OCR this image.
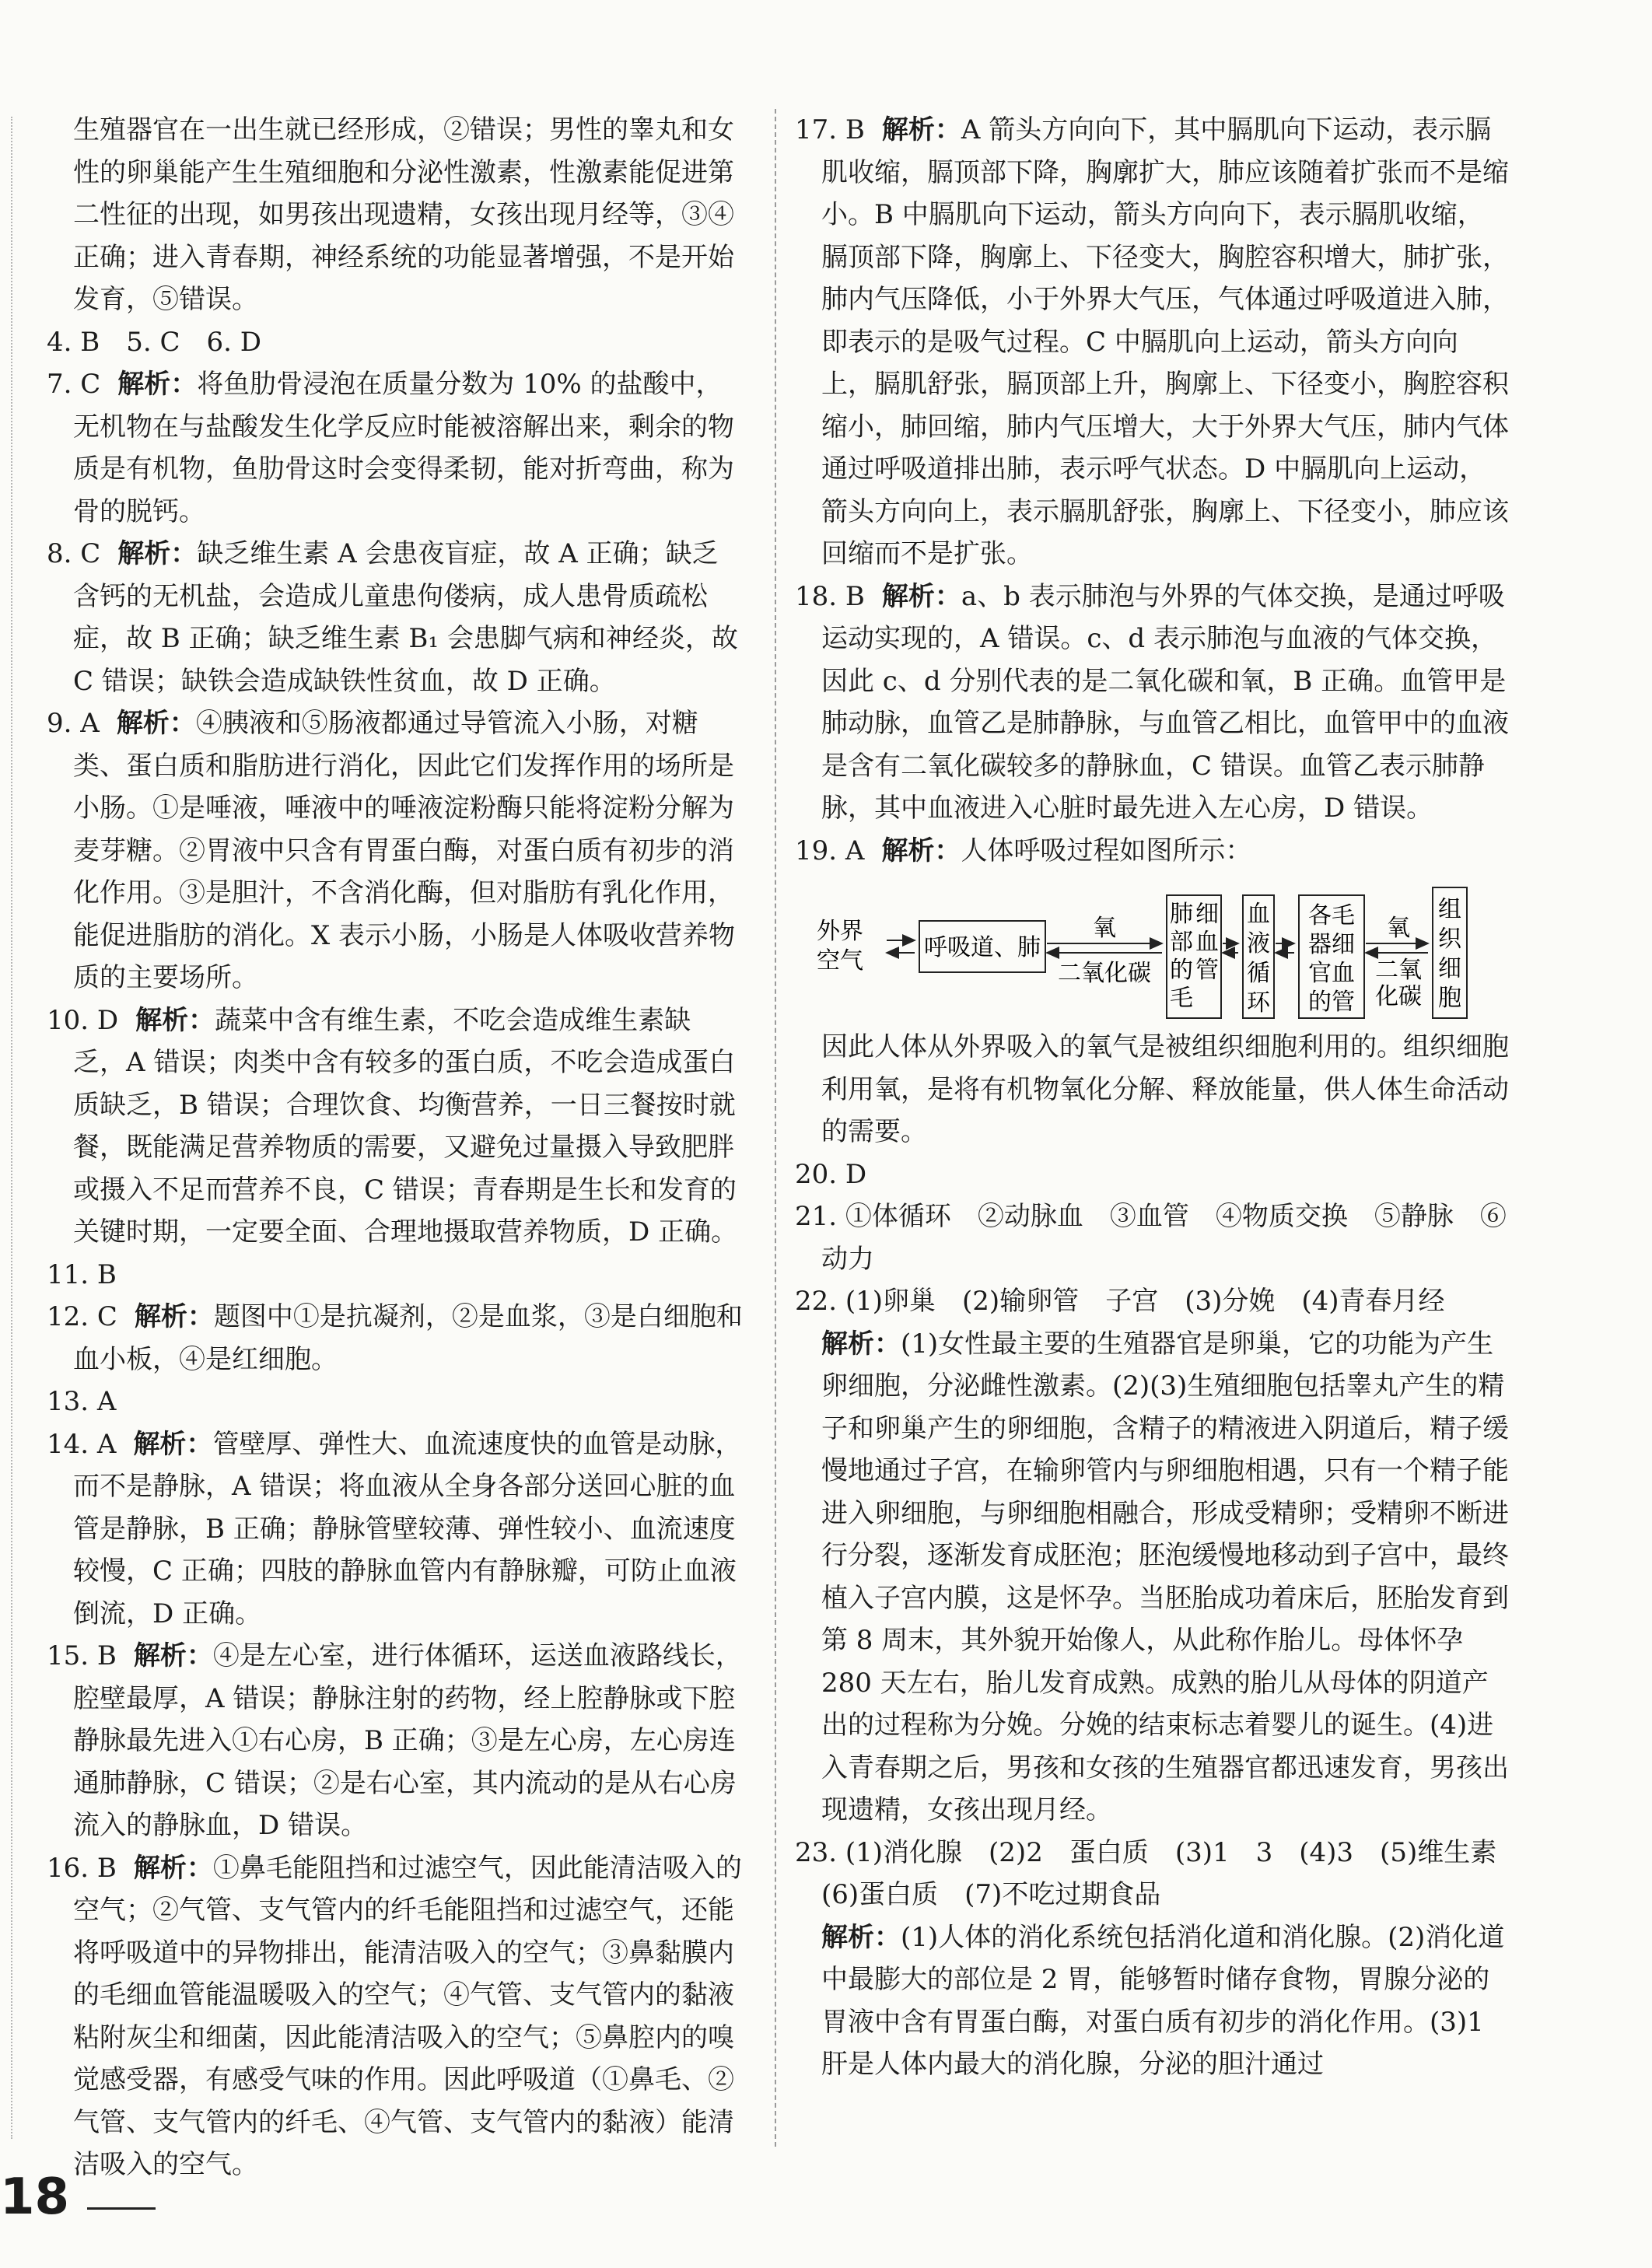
生殖器官在一出生就已经形成，②错误；男性的睾丸和女性的卵巢能产生生殖细胞和分泌性激素，性激素能促进第二性征的出现，如男孩出现遗精，女孩出现月经等，③④正确；进入青春期，神经系统的功能显著增强，不是开始发育，⑤错误。

4. B　5. C　6. D

7. C 解析：将鱼肋骨浸泡在质量分数为 10% 的盐酸中，无机物在与盐酸发生化学反应时能被溶解出来，剩余的物质是有机物，鱼肋骨这时会变得柔韧，能对折弯曲，称为骨的脱钙。

8. C 解析：缺乏维生素 A 会患夜盲症，故 A 正确；缺乏含钙的无机盐，会造成儿童患佝偻病，成人患骨质疏松症，故 B 正确；缺乏维生素 B₁ 会患脚气病和神经炎，故 C 错误；缺铁会造成缺铁性贫血，故 D 正确。

9. A 解析：④胰液和⑤肠液都通过导管流入小肠，对糖类、蛋白质和脂肪进行消化，因此它们发挥作用的场所是小肠。①是唾液，唾液中的唾液淀粉酶只能将淀粉分解为麦芽糖。②胃液中只含有胃蛋白酶，对蛋白质有初步的消化作用。③是胆汁，不含消化酶，但对脂肪有乳化作用，能促进脂肪的消化。X 表示小肠，小肠是人体吸收营养物质的主要场所。

10. D 解析：蔬菜中含有维生素，不吃会造成维生素缺乏，A 错误；肉类中含有较多的蛋白质，不吃会造成蛋白质缺乏，B 错误；合理饮食、均衡营养，一日三餐按时就餐，既能满足营养物质的需要，又避免过量摄入导致肥胖或摄入不足而营养不良，C 错误；青春期是生长和发育的关键时期，一定要全面、合理地摄取营养物质，D 正确。

11. B

12. C 解析：题图中①是抗凝剂，②是血浆，③是白细胞和血小板，④是红细胞。

13. A

14. A 解析：管壁厚、弹性大、血流速度快的血管是动脉，而不是静脉，A 错误；将血液从全身各部分送回心脏的血管是静脉，B 正确；静脉管壁较薄、弹性较小、血流速度较慢，C 正确；四肢的静脉血管内有静脉瓣，可防止血液倒流，D 正确。

15. B 解析：④是左心室，进行体循环，运送血液路线长，腔壁最厚，A 错误；静脉注射的药物，经上腔静脉或下腔静脉最先进入①右心房，B 正确；③是左心房，左心房连通肺静脉，C 错误；②是右心室，其内流动的是从右心房流入的静脉血，D 错误。

16. B 解析：①鼻毛能阻挡和过滤空气，因此能清洁吸入的空气；②气管、支气管内的纤毛能阻挡和过滤空气，还能将呼吸道中的异物排出，能清洁吸入的空气；③鼻黏膜内的毛细血管能温暖吸入的空气；④气管、支气管内的黏液粘附灰尘和细菌，因此能清洁吸入的空气；⑤鼻腔内的嗅觉感受器，有感受气味的作用。因此呼吸道（①鼻毛、②气管、支气管内的纤毛、④气管、支气管内的黏液）能清洁吸入的空气。

17. B 解析：A 箭头方向向下，其中膈肌向下运动，表示膈肌收缩，膈顶部下降，胸廓扩大，肺应该随着扩张而不是缩小。B 中膈肌向下运动，箭头方向向下，表示膈肌收缩，膈顶部下降，胸廓上、下径变大，胸腔容积增大，肺扩张，肺内气压降低，小于外界大气压，气体通过呼吸道进入肺，即表示的是吸气过程。C 中膈肌向上运动，箭头方向向上，膈肌舒张，膈顶部上升，胸廓上、下径变小，胸腔容积缩小，肺回缩，肺内气压增大，大于外界大气压，肺内气体通过呼吸道排出肺，表示呼气状态。D 中膈肌向上运动，箭头方向向上，表示膈肌舒张，胸廓上、下径变小，肺应该回缩而不是扩张。

18. B 解析：a、b 表示肺泡与外界的气体交换，是通过呼吸运动实现的，A 错误。c、d 表示肺泡与血液的气体交换，因此 c、d 分别代表的是二氧化碳和氧，B 正确。血管甲是肺动脉，血管乙是肺静脉，与血管乙相比，血管甲中的血液是含有二氧化碳较多的静脉血，C 错误。血管乙表示肺静脉，其中血液进入心脏时最先进入左心房，D 错误。

19. A 解析：人体呼吸过程如图所示：

外界空气	呼吸道、肺
氧
二氧化碳
肺部的毛
细血管
血液循环
各毛器细官血的管
氧
二氧化碳
组织细胞

因此人体从外界吸入的氧气是被组织细胞利用的。组织细胞利用氧，是将有机物氧化分解、释放能量，供人体生命活动的需要。

20. D

21. ①体循环　②动脉血　③血管　④物质交换　⑤静脉　⑥动力

22. (1)卵巢　(2)输卵管　子宫　(3)分娩　(4)青春月经

解析：(1)女性最主要的生殖器官是卵巢，它的功能为产生卵细胞，分泌雌性激素。(2)(3)生殖细胞包括睾丸产生的精子和卵巢产生的卵细胞，含精子的精液进入阴道后，精子缓慢地通过子宫，在输卵管内与卵细胞相遇，只有一个精子能进入卵细胞，与卵细胞相融合，形成受精卵；受精卵不断进行分裂，逐渐发育成胚泡；胚泡缓慢地移动到子宫中，最终植入子宫内膜，这是怀孕。当胚胎成功着床后，胚胎发育到第 8 周末，其外貌开始像人，从此称作胎儿。母体怀孕 280 天左右，胎儿发育成熟。成熟的胎儿从母体的阴道产出的过程称为分娩。分娩的结束标志着婴儿的诞生。(4)进入青春期之后，男孩和女孩的生殖器官都迅速发育，男孩出现遗精，女孩出现月经。

23. (1)消化腺　(2)2　蛋白质　(3)1　3　(4)3　(5)维生素　(6)蛋白质　(7)不吃过期食品

解析：(1)人体的消化系统包括消化道和消化腺。(2)消化道中最膨大的部位是 2 胃，能够暂时储存食物，胃腺分泌的胃液中含有胃蛋白酶，对蛋白质有初步的消化作用。(3)1 肝是人体内最大的消化腺，分泌的胆汁通过

18
